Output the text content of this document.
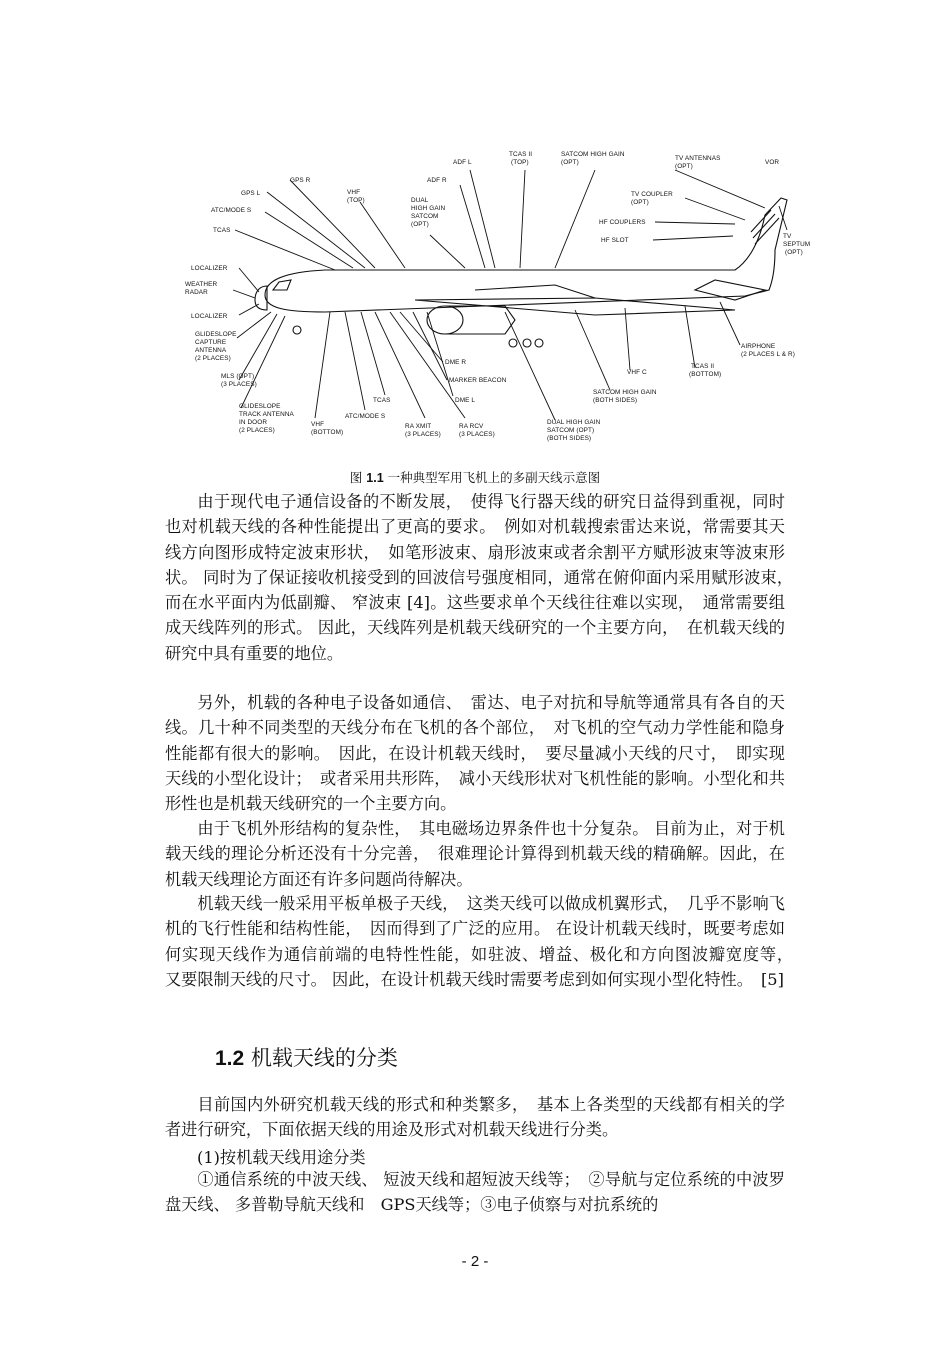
GPS R
GPS L
ATC/MODE S
TCAS
LOCALIZER
WEATHER
RADAR
LOCALIZER
GLIDESLOPE
CAPTURE
ANTENNA
(2 PLACES)
MLS (OPT)
(3 PLACES)
GLIDESLOPE
TRACK ANTENNA
IN DOOR
(2 PLACES)
VHF
(TOP)
ADF L
ADF R
DUAL
HIGH GAIN
SATCOM
(OPT)
TCAS II
(TOP)
SATCOM HIGH GAIN
(OPT)
TV ANTENNAS
(OPT)
VOR
TV COUPLER
(OPT)
HF COUPLERS
HF SLOT
TV
SEPTUM
(OPT)
VHF
(BOTTOM)
ATC/MODE S
TCAS
RA XMIT
(3 PLACES)
RA RCV
(3 PLACES)
DME R
MARKER BEACON
DME L
DUAL HIGH GAIN
SATCOM (OPT)
(BOTH SIDES)
SATCOM HIGH GAIN
(BOTH SIDES)
VHF C
TCAS II
(BOTTOM)
AIRPHONE
(2 PLACES L & R)
图 1.1 一种典型军用飞机上的多副天线示意图

由于现代电子通信设备的不断发展，　使得飞行器天线的研究日益得到重视，同时也对机载天线的各种性能提出了更高的要求。　例如对机载搜索雷达来说，常需要其天线方向图形成特定波束形状，　如笔形波束、扇形波束或者余割平方赋形波束等波束形状。 同时为了保证接收机接受到的回波信号强度相同，通常在俯仰面内采用赋形波束，　而在水平面内为低副瓣、 窄波束 [4]。这些要求单个天线往往难以实现，　通常需要组成天线阵列的形式。 因此，天线阵列是机载天线研究的一个主要方向，　在机载天线的研究中具有重要的地位。

另外，机载的各种电子设备如通信、　雷达、电子对抗和导航等通常具有各自的天线。几十种不同类型的天线分布在飞机的各个部位，　对飞机的空气动力学性能和隐身性能都有很大的影响。　因此，在设计机载天线时，　要尽量减小天线的尺寸，　即实现天线的小型化设计；　或者采用共形阵，　减小天线形状对飞机性能的影响。小型化和共形性也是机载天线研究的一个主要方向。

由于飞机外形结构的复杂性，　其电磁场边界条件也十分复杂。 目前为止，对于机载天线的理论分析还没有十分完善，　很难理论计算得到机载天线的精确解。因此，在机载天线理论方面还有许多问题尚待解决。

机载天线一般采用平板单极子天线，　这类天线可以做成机翼形式，　几乎不影响飞机的飞行性能和结构性能，　因而得到了广泛的应用。 在设计机载天线时，既要考虑如何实现天线作为通信前端的电特性性能，如驻波、增益、极化和方向图波瓣宽度等，　又要限制天线的尺寸。 因此，在设计机载天线时需要考虑到如何实现小型化特性。　[5]

1.2 机载天线的分类

目前国内外研究机载天线的形式和种类繁多，　基本上各类型的天线都有相关的学者进行研究，下面依据天线的用途及形式对机载天线进行分类。

(1)按机载天线用途分类

①通信系统的中波天线、 短波天线和超短波天线等；　②导航与定位系统的中波罗盘天线、 多普勒导航天线和　GPS天线等；③电子侦察与对抗系统的

- 2 -
